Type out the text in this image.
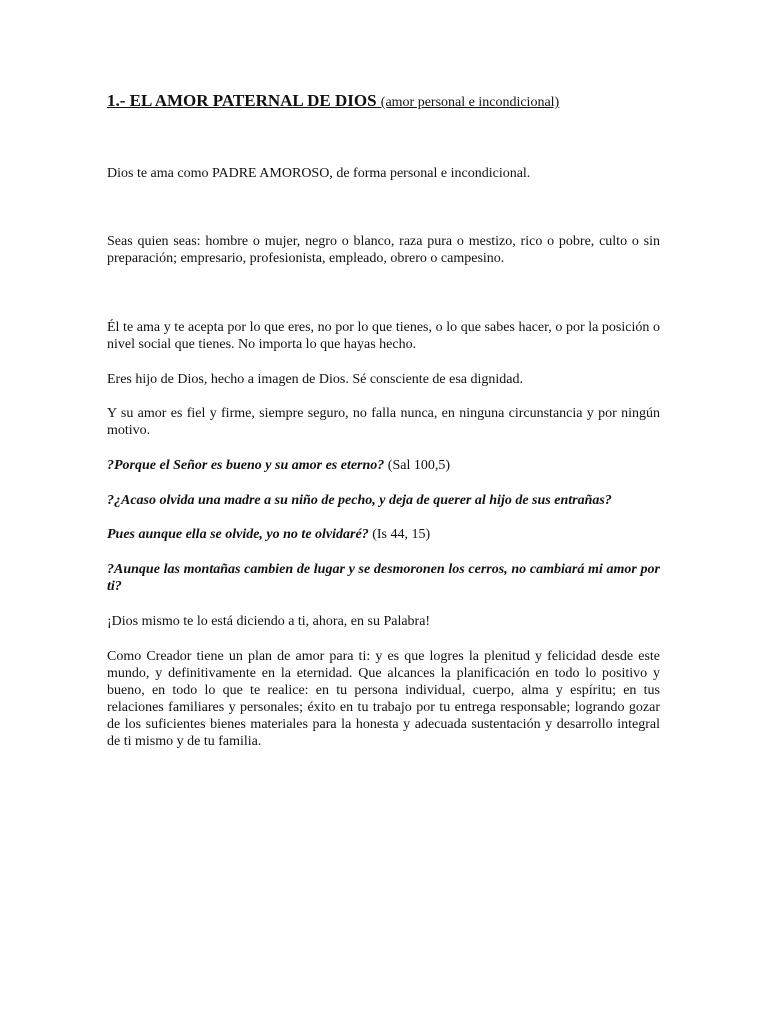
1.- EL AMOR PATERNAL DE DIOS (amor personal e incondicional)

Dios te ama como PADRE AMOROSO, de forma personal e incondicional.

Seas quien seas: hombre o mujer, negro o blanco, raza pura o mestizo, rico o pobre, culto o sin preparación; empresario, profesionista, empleado, obrero o campesino.

Él te ama y te acepta por lo que eres, no por lo que tienes, o lo que sabes hacer, o por la posición o nivel social que tienes. No importa lo que hayas hecho.

Eres hijo de Dios, hecho a imagen de Dios. Sé consciente de esa dignidad.

Y su amor es fiel y firme, siempre seguro, no falla nunca, en ninguna circunstancia y por ningún motivo.

?Porque el Señor es bueno y su amor es eterno? (Sal 100,5)

?¿Acaso olvida una madre a su niño de pecho, y deja de querer al hijo de sus entrañas?

Pues aunque ella se olvide, yo no te olvidaré? (Is 44, 15)

?Aunque las montañas cambien de lugar y se desmoronen los cerros, no cambiará mi amor por ti?

¡Dios mismo te lo está diciendo a ti, ahora, en su Palabra!

Como Creador tiene un plan de amor para ti: y es que logres la plenitud y felicidad desde este mundo, y definitivamente en la eternidad. Que alcances la planificación en todo lo positivo y bueno, en todo lo que te realice: en tu persona individual, cuerpo, alma y espíritu; en tus relaciones familiares y personales; éxito en tu trabajo por tu entrega responsable; logrando gozar de los suficientes bienes materiales para la honesta y adecuada sustentación y desarrollo integral de ti mismo y de tu familia.
